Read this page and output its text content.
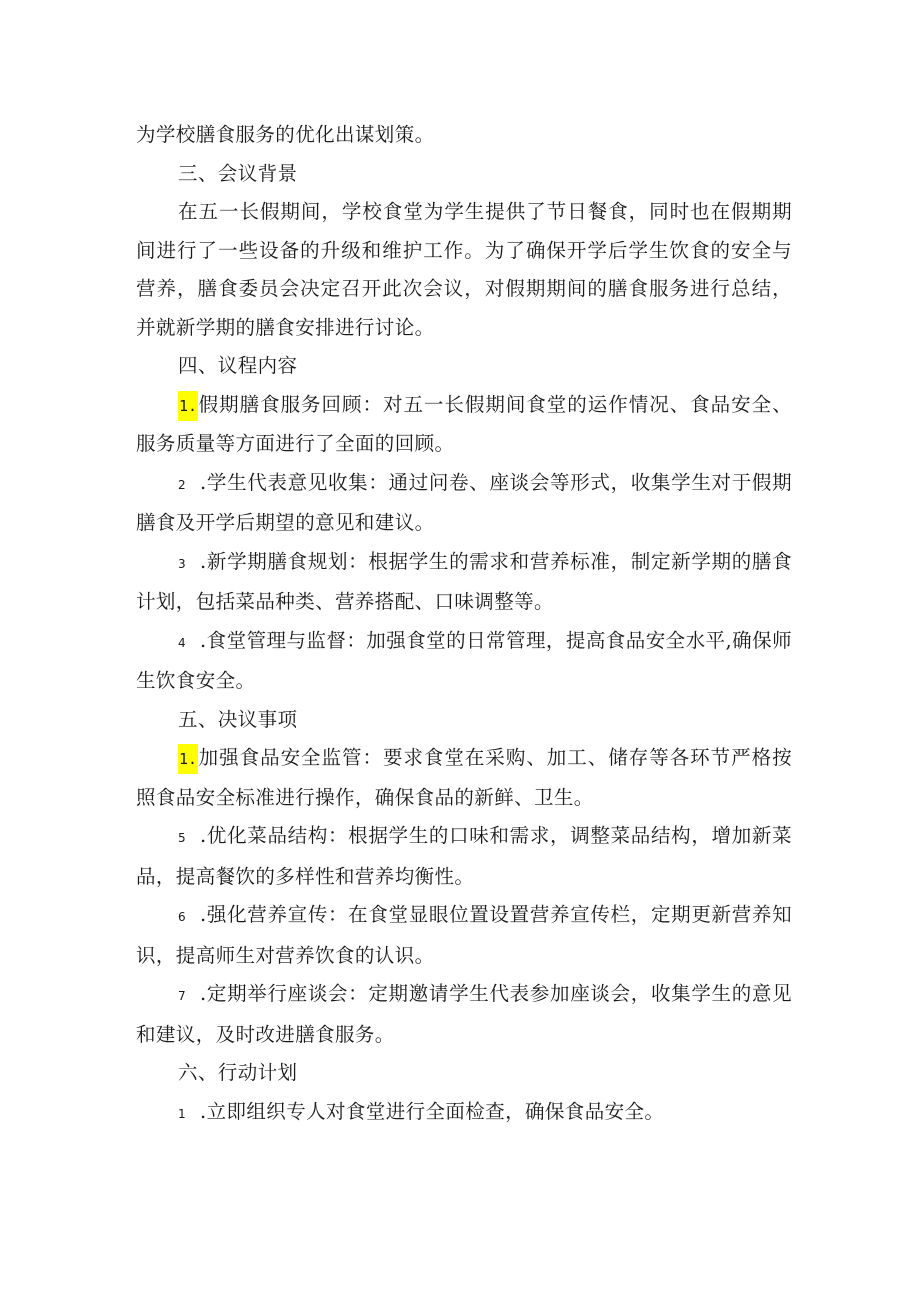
为学校膳食服务的优化出谋划策。

三、会议背景

在五一长假期间，学校食堂为学生提供了节日餐食，同时也在假期期间进行了一些设备的升级和维护工作。为了确保开学后学生饮食的安全与营养，膳食委员会决定召开此次会议，对假期期间的膳食服务进行总结，并就新学期的膳食安排进行讨论。

四、议程内容

1.假期膳食服务回顾：对五一长假期间食堂的运作情况、食品安全、服务质量等方面进行了全面的回顾。

2 .学生代表意见收集：通过问卷、座谈会等形式，收集学生对于假期膳食及开学后期望的意见和建议。

3 .新学期膳食规划：根据学生的需求和营养标准，制定新学期的膳食计划，包括菜品种类、营养搭配、口味调整等。

4 .食堂管理与监督：加强食堂的日常管理，提高食品安全水平,确保师生饮食安全。

五、决议事项

1.加强食品安全监管：要求食堂在采购、加工、储存等各环节严格按照食品安全标准进行操作，确保食品的新鲜、卫生。

5 .优化菜品结构：根据学生的口味和需求，调整菜品结构，增加新菜品，提高餐饮的多样性和营养均衡性。

6 .强化营养宣传：在食堂显眼位置设置营养宣传栏，定期更新营养知识，提高师生对营养饮食的认识。

7 .定期举行座谈会：定期邀请学生代表参加座谈会，收集学生的意见和建议，及时改进膳食服务。

六、行动计划

1 .立即组织专人对食堂进行全面检查，确保食品安全。
